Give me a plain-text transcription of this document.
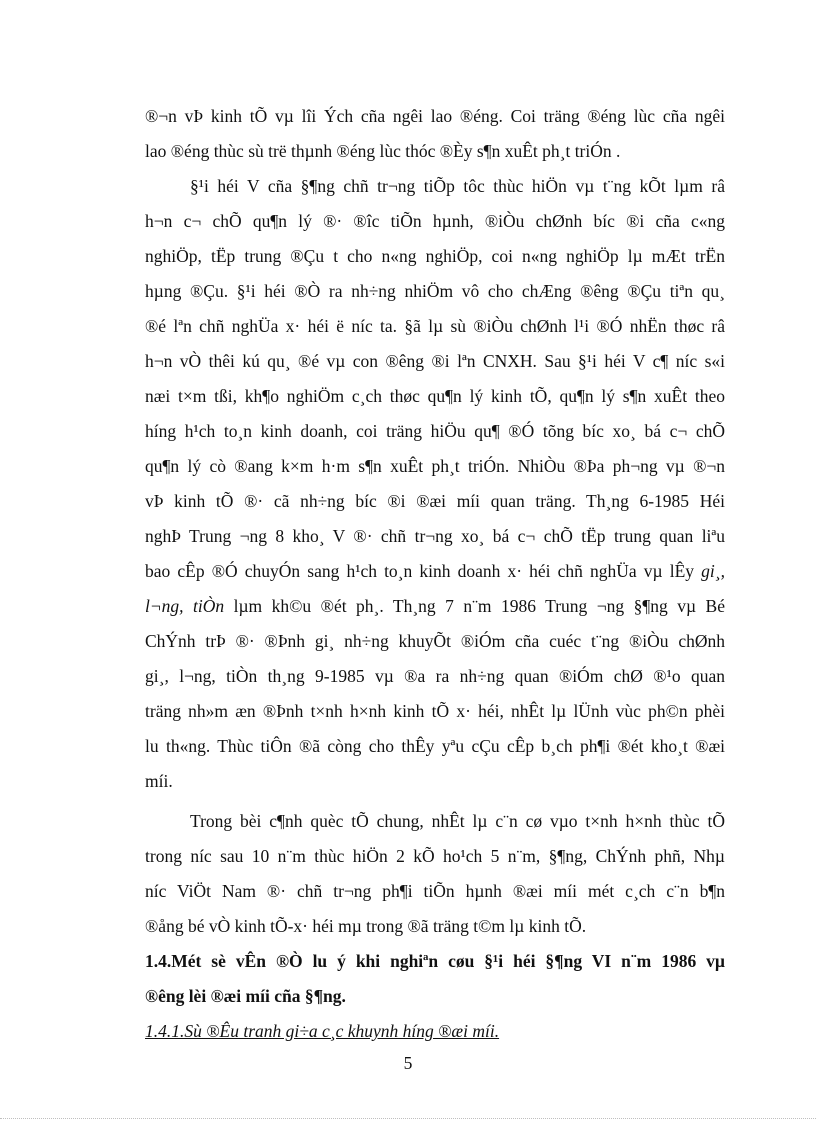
®¬n vÞ kinh tÕ vµ lîi Ých cña ngêi lao ®éng. Coi träng ®éng lùc cña ngêi
lao ®éng thùc sù trë thµnh ®éng lùc thóc ®Èy s¶n xuÊt ph¸t triÓn .
§¹i héi V cña §¶ng chñ tr¬ng tiÕp tôc thùc hiÖn vµ t¨ng kÕt lµm râ
h¬n c¬ chÕ qu¶n lý ®· ®îc tiÕn hµnh, ®iÒu chØnh bíc ®i cña c«ng
nghiÖp, tËp trung ®Çu t cho n«ng nghiÖp, coi n«ng nghiÖp lµ mÆt trËn
hµng ®Çu. §¹i héi ®Ò ra nh÷ng nhiÖm vô cho chÆng ®êng ®Çu tiªn qu¸
®é lªn chñ nghÜa x· héi ë níc ta. §ã lµ sù ®iÒu chØnh l¹i ®Ó nhËn thøc râ
h¬n vÒ thêi kú qu¸ ®é vµ con ®êng ®i lªn CNXH. Sau §¹i héi V c¶ níc s«i
næi t×m tßi, kh¶o nghiÖm c¸ch thøc qu¶n lý kinh tÕ, qu¶n lý s¶n xuÊt theo
híng h¹ch to¸n kinh doanh, coi träng hiÖu qu¶ ®Ó tõng bíc xo¸ bá c¬ chÕ
qu¶n lý cò ®ang k×m h·m s¶n xuÊt ph¸t triÓn. NhiÒu ®Þa ph¬ng vµ ®¬n
vÞ kinh tÕ ®· cã nh÷ng bíc ®i ®æi míi quan träng. Th¸ng 6-1985 Héi
nghÞ Trung ¬ng 8 kho¸ V ®· chñ tr¬ng xo¸ bá c¬ chÕ tËp trung quan liªu
bao cÊp ®Ó chuyÓn sang h¹ch to¸n kinh doanh x· héi chñ nghÜa vµ lÊy gi¸,
l¬ng, tiÒn lµm kh©u ®ét ph¸. Th¸ng 7 n¨m 1986 Trung ¬ng §¶ng vµ Bé
ChÝnh trÞ ®· ®Þnh gi¸ nh÷ng khuyÕt ®iÓm cña cuéc t¨ng ®iÒu chØnh
gi¸, l¬ng, tiÒn th¸ng 9-1985 vµ ®a ra nh÷ng quan ®iÓm chØ ®¹o quan
träng nh»m æn ®Þnh t×nh h×nh kinh tÕ x· héi, nhÊt lµ lÜnh vùc ph©n phèi
lu th«ng. Thùc tiÔn ®ã còng cho thÊy yªu cÇu cÊp b¸ch ph¶i ®ét kho¸t ®æi
míi.
Trong bèi c¶nh quèc tÕ chung, nhÊt lµ c¨n cø vµo t×nh h×nh thùc tÕ
trong níc sau 10 n¨m thùc hiÖn 2 kÕ ho¹ch 5 n¨m, §¶ng, ChÝnh phñ, Nhµ
níc ViÖt Nam ®· chñ tr¬ng ph¶i tiÕn hµnh ®æi míi mét c¸ch c¨n b¶n
®ång bé vÒ kinh tÕ-x· héi mµ trong ®ã träng t©m lµ kinh tÕ.
1.4.Mét sè vÊn ®Ò lu ý khi nghiªn cøu §¹i héi §¶ng VI n¨m 1986 vµ
®êng lèi ®æi míi cña §¶ng.
1.4.1.Sù ®Êu tranh gi÷a c¸c khuynh híng ®æi míi.
5
